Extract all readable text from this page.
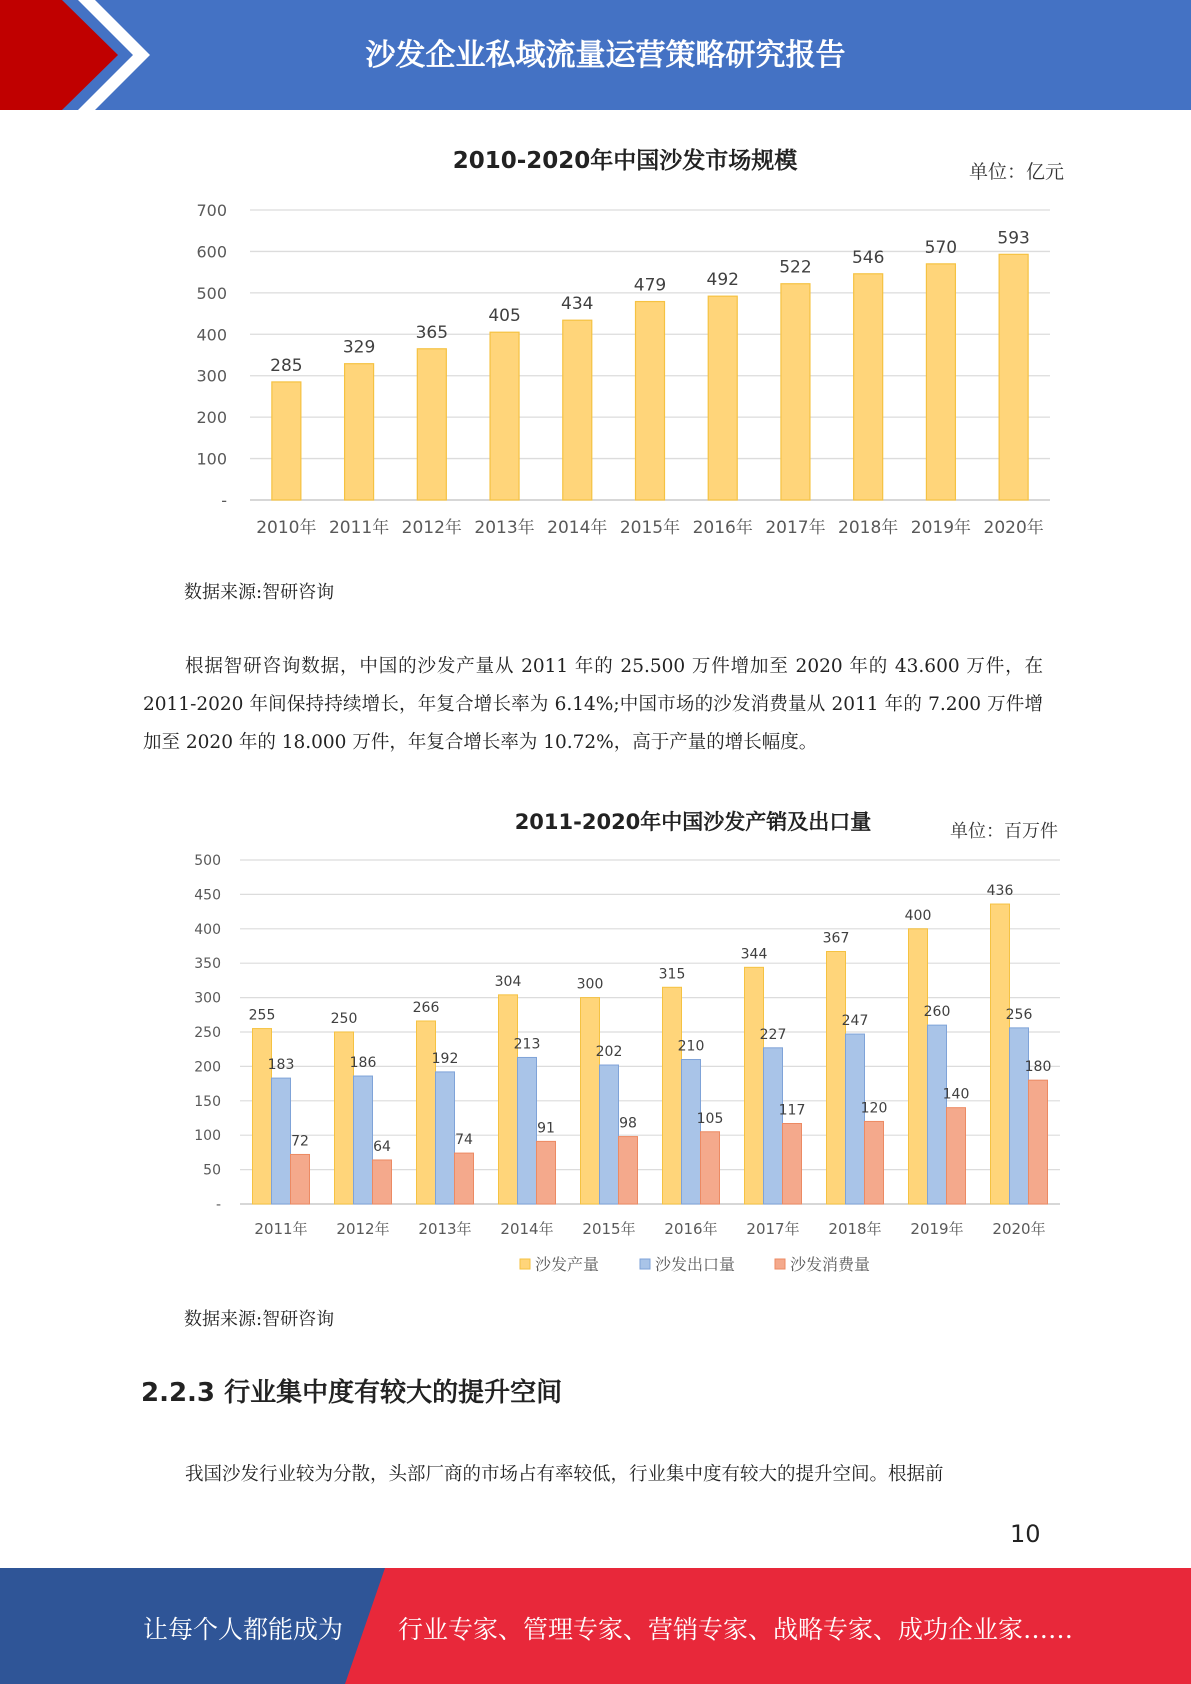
沙发企业私域流量运营策略研究报告
2010-2020年中国沙发市场规模	单位：亿元
-
100
200
300
400
500
600
700
285
2010年
329
2011年
365
2012年
405
2013年
434
2014年
479
2015年
492
2016年
522
2017年
546
2018年
570
2019年
593
2020年
数据来源:智研咨询
根据智研咨询数据，中国的沙发产量从 2011 年的 25.500 万件增加至 2020 年的 43.600 万件，在 2011-2020 年间保持持续增长，年复合增长率为 6.14%;中国市场的沙发消费量从 2011 年的 7.200 万件增加至 2020 年的 18.000 万件，年复合增长率为 10.72%，高于产量的增长幅度。
2011-2020年中国沙发产销及出口量	单位：百万件
-
50
100
150
200
250
300
350
400
450
500
255
183
72
2011年
250
186
64
2012年
266
192
74
2013年
304
213
91
2014年
300
202
98
2015年
315
210
105
2016年
344
227
117
2017年
367
247
120
2018年
400
260
140
2019年
436
256
180
2020年
沙发产量	沙发出口量	沙发消费量
数据来源:智研咨询
2.2.3 行业集中度有较大的提升空间
我国沙发行业较为分散，头部厂商的市场占有率较低，行业集中度有较大的提升空间。根据前
10
让每个人都能成为 行业专家、管理专家、营销专家、战略专家、成功企业家……
